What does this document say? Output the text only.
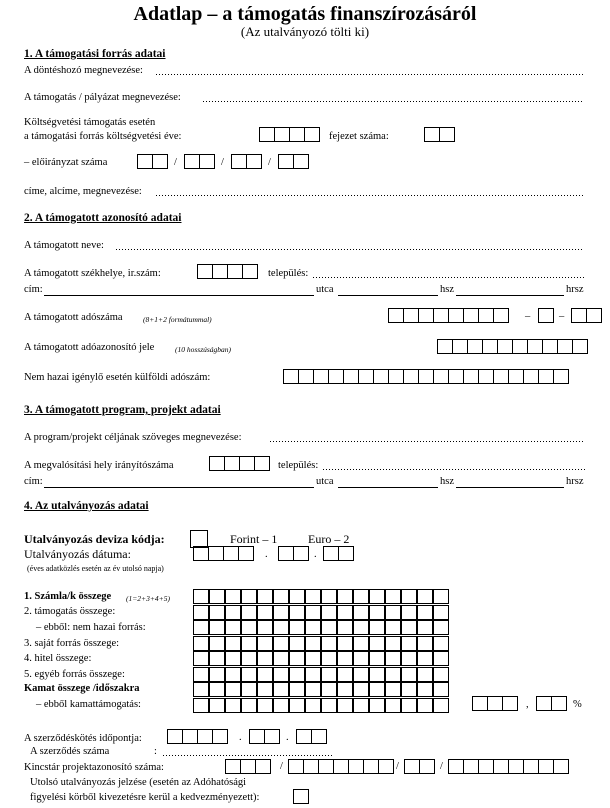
Adatlap – a támogatás finanszírozásáról
(Az utalványozó tölti ki)
1. A támogatási forrás adatai
A döntéshozó megnevezése:
A támogatás / pályázat megnevezése:
Költségvetési támogatás esetén
a támogatási forrás költségvetési éve:	fejezet száma:
– előirányzat száma	/	/	/
címe, alcíme, megnevezése:
2. A támogatott azonosító adatai
A támogatott neve:
A támogatott székhelye, ir.szám:	település:
cím:	utca	hsz	hrsz
A támogatott adószáma	(8+1+2 formátummal)	–	–
A támogatott adóazonosító jele	(10 hosszúságban)
Nem hazai igénylő esetén külföldi adószám:
3. A támogatott program, projekt adatai
A program/projekt céljának szöveges megnevezése:
A megvalósítási hely irányítószáma	település:
cím:	utca	hsz	hrsz
4. Az utalványozás adatai
Utalványozás deviza kódja:	Forint – 1	Euro – 2
Utalványozás dátuma:	.	.
(éves adatközlés esetén az év utolsó napja)
1. Számla/k összege (1=2+3+4+5)
2. támogatás összege:
– ebből: nem hazai forrás:
3. saját forrás összege:
4. hitel összege:
5. egyéb forrás összege:
Kamat összege /időszakra
– ebből kamattámogatás:	,	%
A szerződéskötés időpontja:	.	.
A szerződés száma	:
Kincstár projektazonosító száma:	/	/	/
Utolsó utalványozás jelzése (esetén az Adóhatósági
figyelési körből kivezetésre kerül a kedvezményezett):
